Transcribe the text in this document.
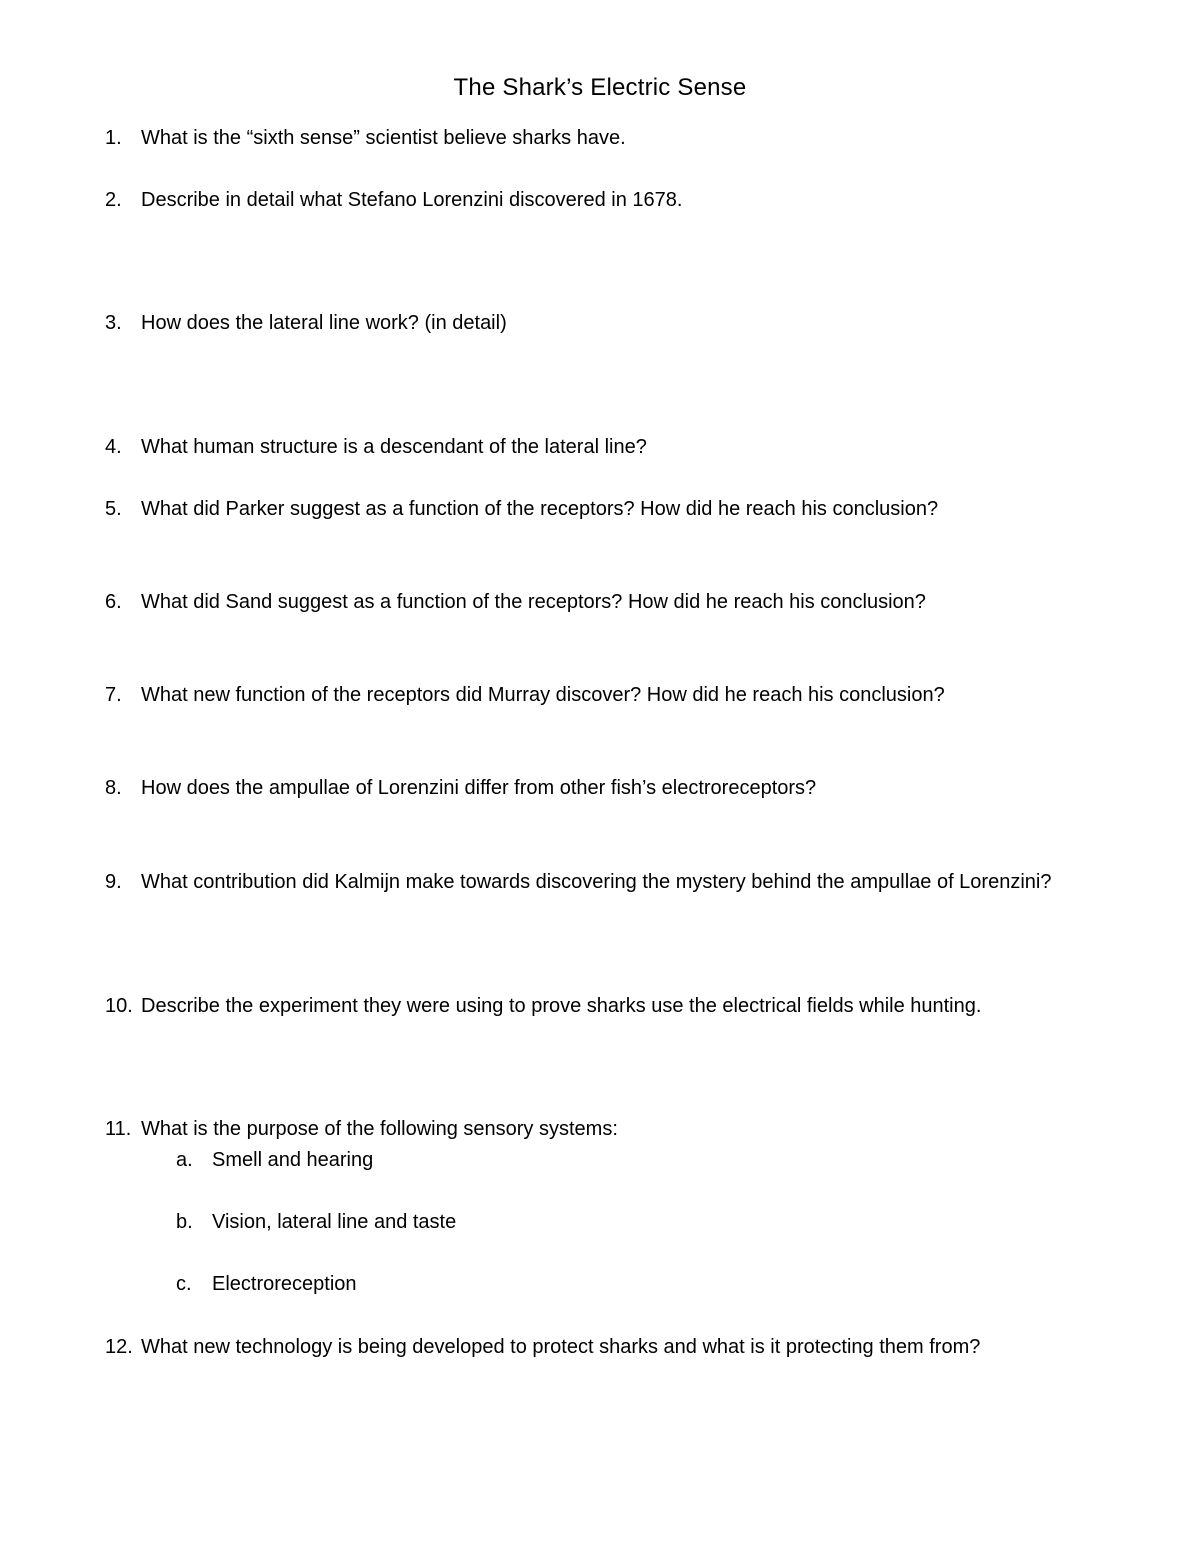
The Shark’s Electric Sense
1. What is the “sixth sense” scientist believe sharks have.
2. Describe in detail what Stefano Lorenzini discovered in 1678.
3. How does the lateral line work? (in detail)
4. What human structure is a descendant of the lateral line?
5. What did Parker suggest as a function of the receptors? How did he reach his conclusion?
6. What did Sand suggest as a function of the receptors? How did he reach his conclusion?
7. What new function of the receptors did Murray discover? How did he reach his conclusion?
8. How does the ampullae of Lorenzini differ from other fish’s electroreceptors?
9. What contribution did Kalmijn make towards discovering the mystery behind the ampullae of Lorenzini?
10. Describe the experiment they were using to prove sharks use the electrical fields while hunting.
11. What is the purpose of the following sensory systems:
a. Smell and hearing
b. Vision, lateral line and taste
c. Electroreception
12. What new technology is being developed to protect sharks and what is it protecting them from?
